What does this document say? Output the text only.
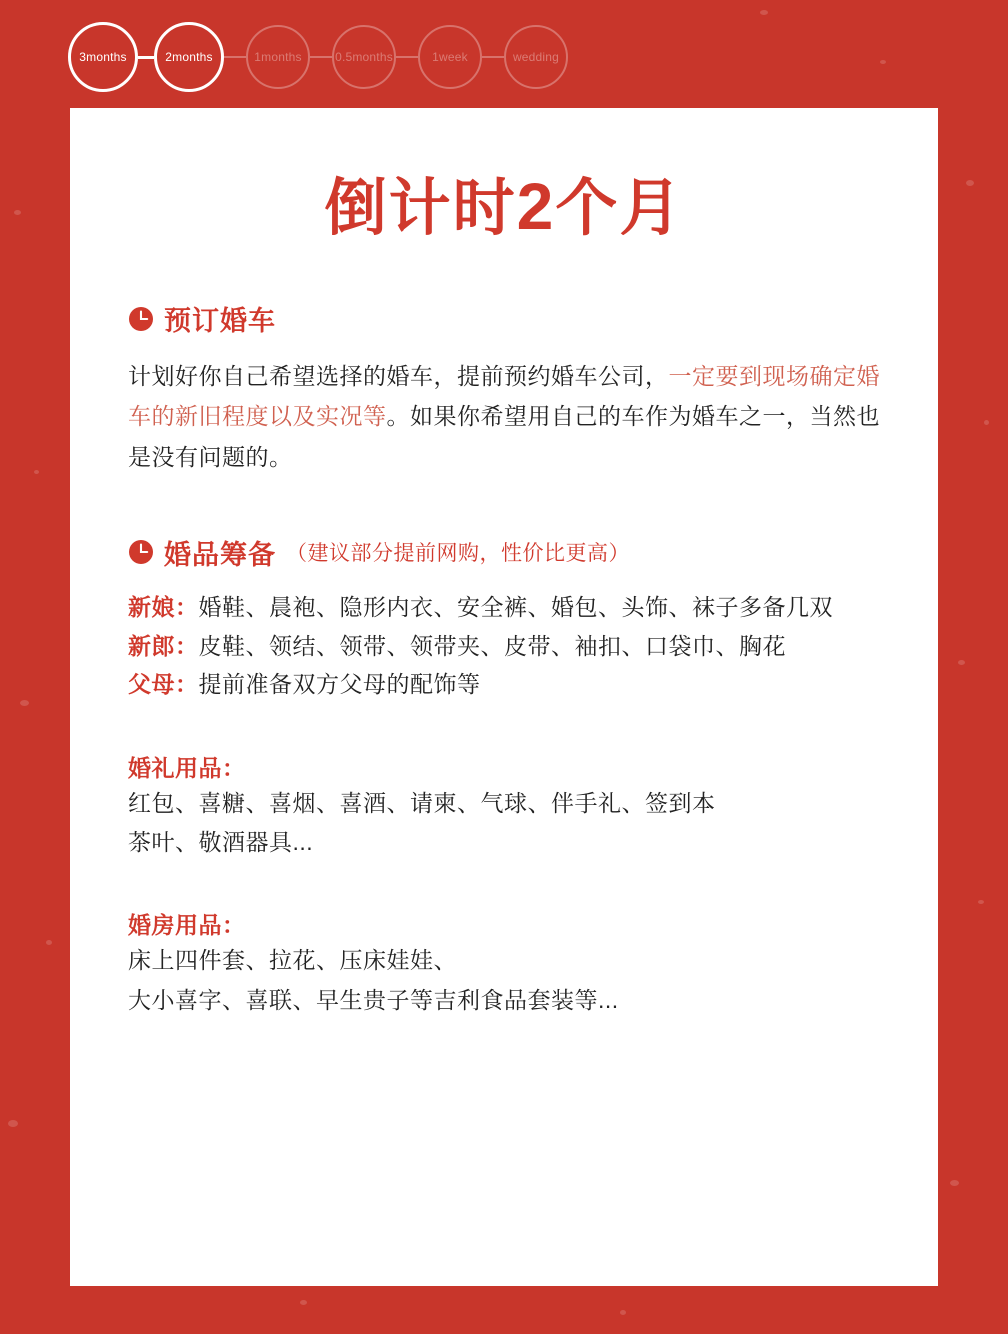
3months	2months	1months	0.5months	1week	wedding
倒计时2个月
预订婚车

计划好你自己希望选择的婚车，提前预约婚车公司，一定要到现场确定婚车的新旧程度以及实况等。如果你希望用自己的车作为婚车之一，当然也是没有问题的。

婚品筹备 （建议部分提前网购，性价比更高）
新娘：婚鞋、晨袍、隐形内衣、安全裤、婚包、头饰、袜子多备几双
新郎：皮鞋、领结、领带、领带夹、皮带、袖扣、口袋巾、胸花
父母：提前准备双方父母的配饰等
婚礼用品：
红包、喜糖、喜烟、喜酒、请柬、气球、伴手礼、签到本
茶叶、敬酒器具...
婚房用品：
床上四件套、拉花、压床娃娃、
大小喜字、喜联、早生贵子等吉利食品套装等...
